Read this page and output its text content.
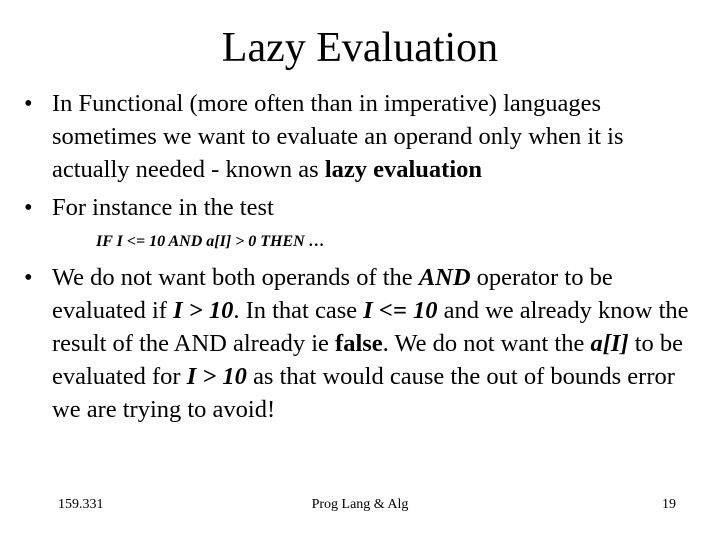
Lazy Evaluation
• In Functional (more often than in imperative) languages sometimes we want to evaluate an operand only when it is actually needed - known as lazy evaluation
• For instance in the test
IF I <= 10 AND a[I] > 0 THEN …
• We do not want both operands of the AND operator to be evaluated if I > 10. In that case I <= 10 and we already know the result of the AND already ie false. We do not want the a[I] to be evaluated for I > 10 as that would cause the out of bounds error we are trying to avoid!
159.331	Prog Lang & Alg	19
